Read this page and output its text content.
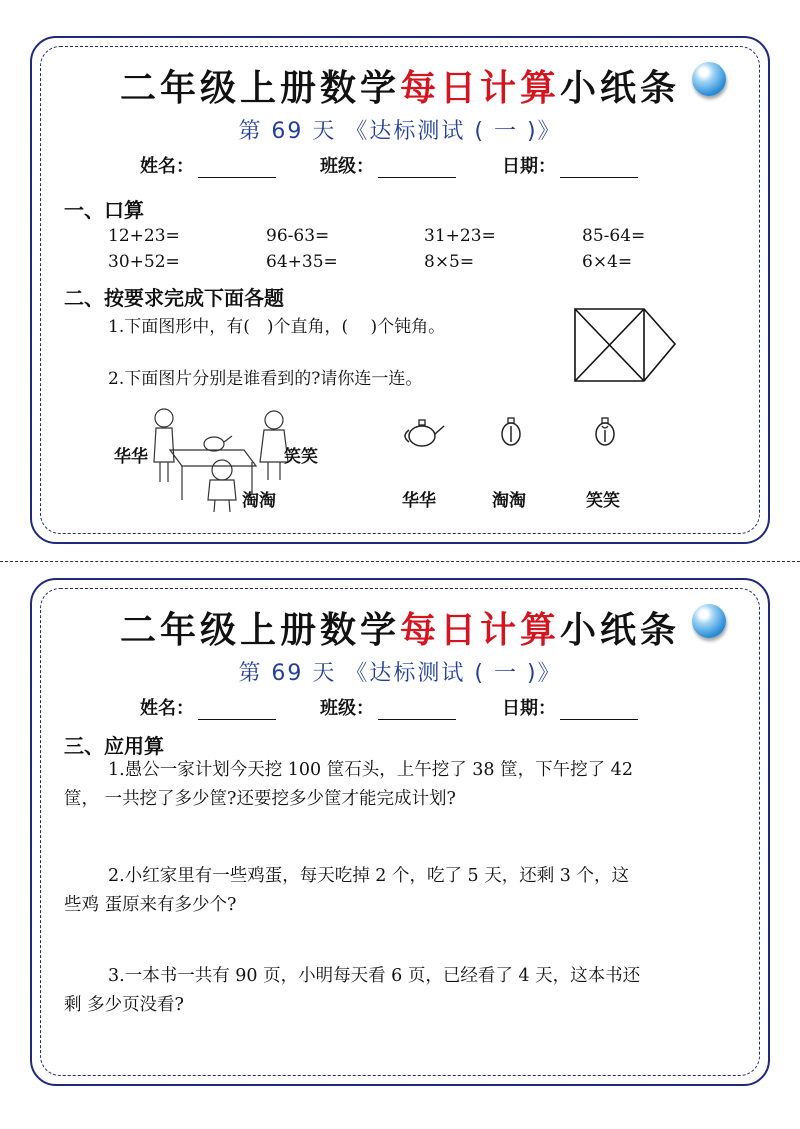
二年级上册数学每日计算小纸条
第 69 天 《达标测试 ( 一 )》
姓名：	班级：	日期：
一、口算
12+23=	96-63=	31+23=	85-64=
30+52=	64+35=	8×5=	6×4=
二、按要求完成下面各题
1.下面图形中，有(　)个直角，(　 )个钝角。
2.下面图片分别是谁看到的?请你连一连。
华华	笑笑
淘淘	华华	淘淘	笑笑
二年级上册数学每日计算小纸条
第 69 天 《达标测试 ( 一 )》
姓名：	班级：	日期：
三、应用算
1.愚公一家计划今天挖 100 筐石头，上午挖了 38 筐，下午挖了 42
筐， 一共挖了多少筐?还要挖多少筐才能完成计划?
2.小红家里有一些鸡蛋，每天吃掉 2 个，吃了 5 天，还剩 3 个，这
些鸡 蛋原来有多少个?
3.一本书一共有 90 页，小明每天看 6 页，已经看了 4 天，这本书还
剩 多少页没看?
